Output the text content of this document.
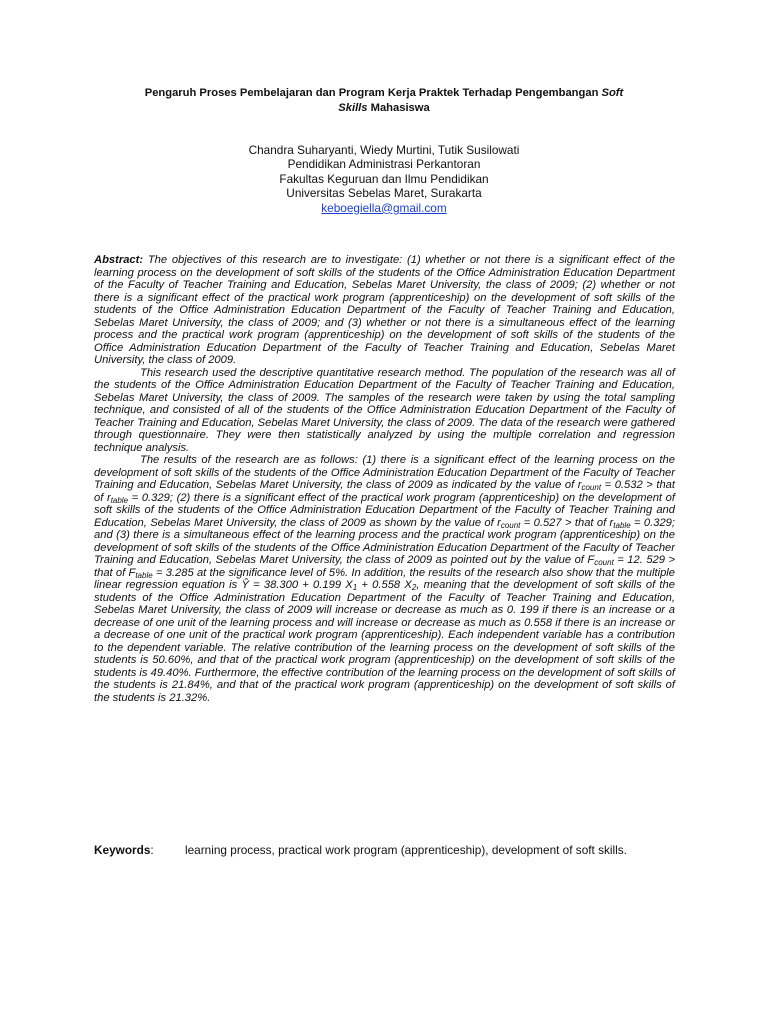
Pengaruh Proses Pembelajaran dan Program Kerja Praktek Terhadap Pengembangan Soft
Skills Mahasiswa
Chandra Suharyanti, Wiedy Murtini, Tutik Susilowati
Pendidikan Administrasi Perkantoran
Fakultas Keguruan dan Ilmu Pendidikan
Universitas Sebelas Maret, Surakarta
keboegiella@gmail.com

Abstract: The objectives of this research are to investigate: (1) whether or not there is a significant effect of the learning process on the development of soft skills of the students of the Office Administration Education Department of the Faculty of Teacher Training and Education, Sebelas Maret University, the class of 2009; (2) whether or not there is a significant effect of the practical work program (apprenticeship) on the development of soft skills of the students of the Office Administration Education Department of the Faculty of Teacher Training and Education, Sebelas Maret University, the class of 2009; and (3) whether or not there is a simultaneous effect of the learning process and the practical work program (apprenticeship) on the development of soft skills of the students of the Office Administration Education Department of the Faculty of Teacher Training and Education, Sebelas Maret University, the class of 2009.

This research used the descriptive quantitative research method. The population of the research was all of the students of the Office Administration Education Department of the Faculty of Teacher Training and Education, Sebelas Maret University, the class of 2009. The samples of the research were taken by using the total sampling technique, and consisted of all of the students of the Office Administration Education Department of the Faculty of Teacher Training and Education, Sebelas Maret University, the class of 2009. The data of the research were gathered through questionnaire. They were then statistically analyzed by using the multiple correlation and regression technique analysis.

The results of the research are as follows: (1) there is a significant effect of the learning process on the development of soft skills of the students of the Office Administration Education Department of the Faculty of Teacher Training and Education, Sebelas Maret University, the class of 2009 as indicated by the value of $r_{count} = 0.532$ > that of $r_{table} = 0.329$; (2) there is a significant effect of the practical work program (apprenticeship) on the development of soft skills of the students of the Office Administration Education Department of the Faculty of Teacher Training and Education, Sebelas Maret University, the class of 2009 as shown by the value of $r_{count} = 0.527$ > that of $r_{table} = 0.329$; and (3) there is a simultaneous effect of the learning process and the practical work program (apprenticeship) on the development of soft skills of the students of the Office Administration Education Department of the Faculty of Teacher Training and Education, Sebelas Maret University, the class of 2009 as pointed out by the value of $F_{count} = 12$. 529 > that of $F_{table} = 3.285$ at the significance level of 5%. In addition, the results of the research also show that the multiple linear regression equation is Ŷ = 38.300 + 0.199 $X_1 + 0.558$ $X_2$, meaning that the development of soft skills of the students of the Office Administration Education Department of the Faculty of Teacher Training and Education, Sebelas Maret University, the class of 2009 will increase or decrease as much as 0. 199 if there is an increase or a decrease of one unit of the learning process and will increase or decrease as much as 0.558 if there is an increase or a decrease of one unit of the practical work program (apprenticeship). Each independent variable has a contribution to the dependent variable. The relative contribution of the learning process on the development of soft skills of the students is 50.60%, and that of the practical work program (apprenticeship) on the development of soft skills of the students is 49.40%. Furthermore, the effective contribution of the learning process on the development of soft skills of the students is 21.84%, and that of the practical work program (apprenticeship) on the development of soft skills of the students is 21.32%.

Keywords:	learning process, practical work program (apprenticeship), development of soft skills.
